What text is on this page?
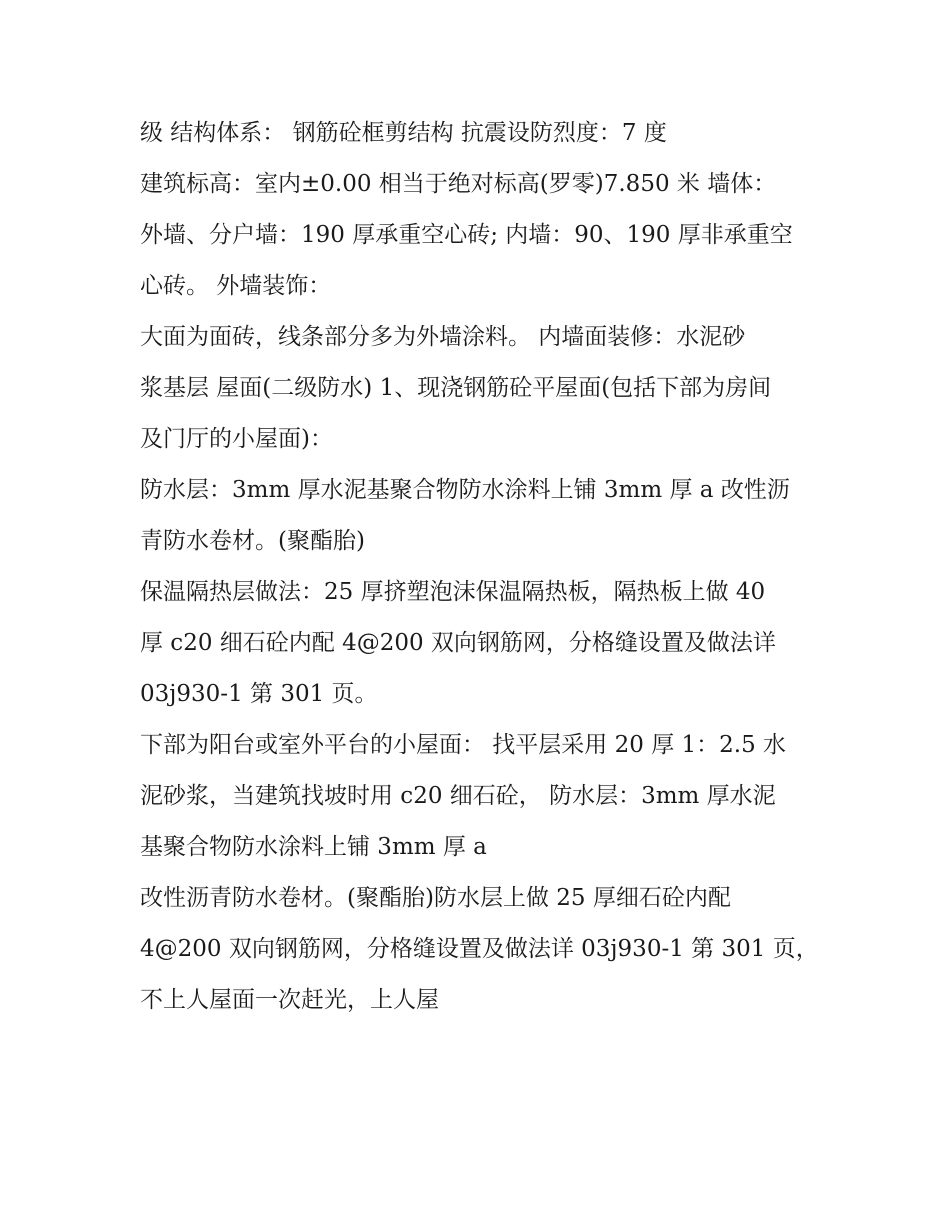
级 结构体系： 钢筋砼框剪结构 抗震设防烈度：7 度
建筑标高：室内±0.00 相当于绝对标高(罗零)7.850 米 墙体：
外墙、分户墙：190 厚承重空心砖; 内墙：90、190 厚非承重空
心砖。 外墙装饰：
大面为面砖，线条部分多为外墙涂料。 内墙面装修：水泥砂
浆基层 屋面(二级防水) 1、现浇钢筋砼平屋面(包括下部为房间
及门厅的小屋面)：
防水层：3mm 厚水泥基聚合物防水涂料上铺 3mm 厚 a 改性沥
青防水卷材。(聚酯胎)
保温隔热层做法：25 厚挤塑泡沫保温隔热板，隔热板上做 40
厚 c20 细石砼内配 4@200 双向钢筋网，分格缝设置及做法详
03j930-1 第 301 页。
下部为阳台或室外平台的小屋面： 找平层采用 20 厚 1：2.5 水
泥砂浆，当建筑找坡时用 c20 细石砼， 防水层：3mm 厚水泥
基聚合物防水涂料上铺 3mm 厚 a
改性沥青防水卷材。(聚酯胎)防水层上做 25 厚细石砼内配
4@200 双向钢筋网，分格缝设置及做法详 03j930-1 第 301 页，
不上人屋面一次赶光，上人屋
